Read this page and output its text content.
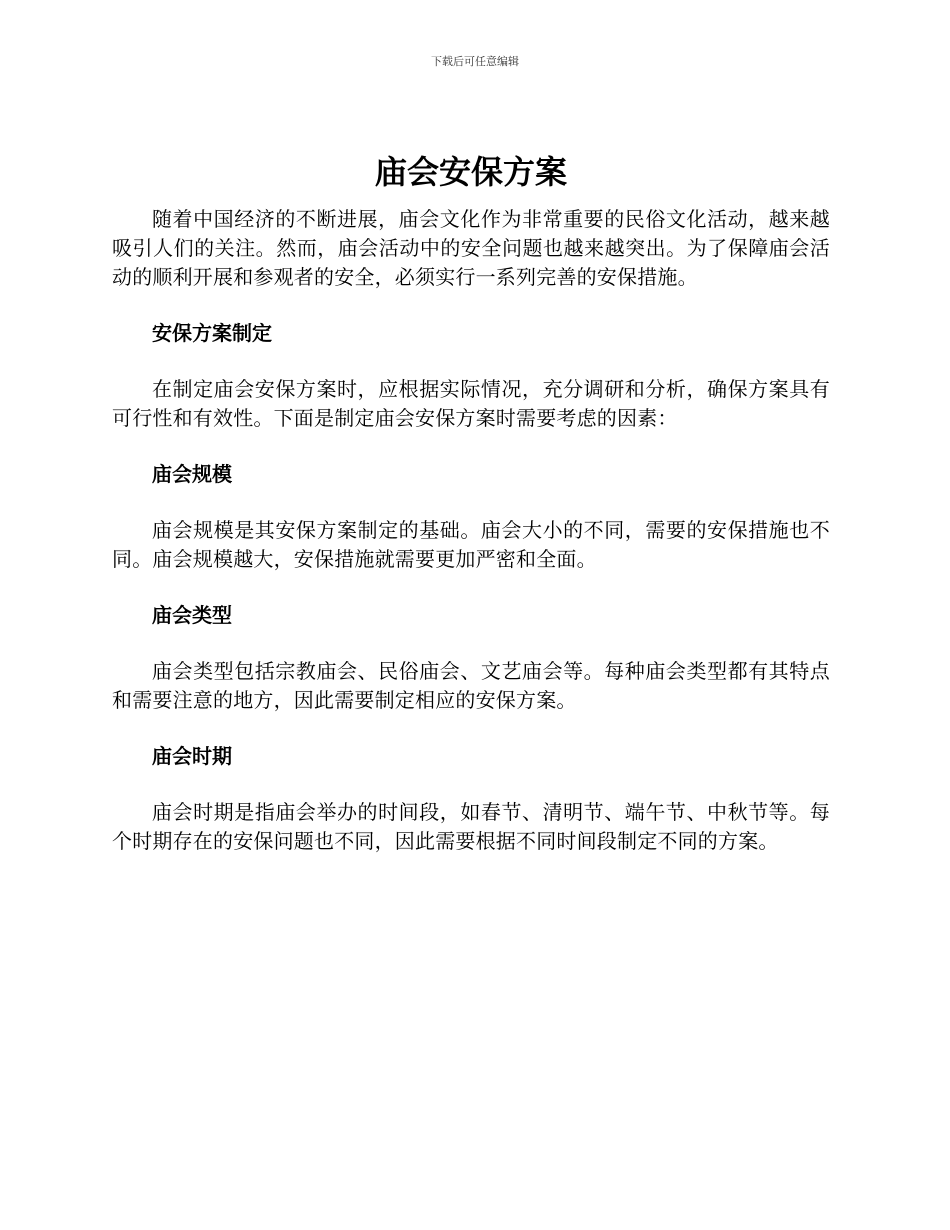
下载后可任意编辑
庙会安保方案

随着中国经济的不断进展，庙会文化作为非常重要的民俗文化活动，越来越吸引人们的关注。然而，庙会活动中的安全问题也越来越突出。为了保障庙会活动的顺利开展和参观者的安全，必须实行一系列完善的安保措施。

安保方案制定

在制定庙会安保方案时，应根据实际情况，充分调研和分析，确保方案具有可行性和有效性。下面是制定庙会安保方案时需要考虑的因素：

庙会规模

庙会规模是其安保方案制定的基础。庙会大小的不同，需要的安保措施也不同。庙会规模越大，安保措施就需要更加严密和全面。

庙会类型

庙会类型包括宗教庙会、民俗庙会、文艺庙会等。每种庙会类型都有其特点和需要注意的地方，因此需要制定相应的安保方案。

庙会时期

庙会时期是指庙会举办的时间段，如春节、清明节、端午节、中秋节等。每个时期存在的安保问题也不同，因此需要根据不同时间段制定不同的方案。
